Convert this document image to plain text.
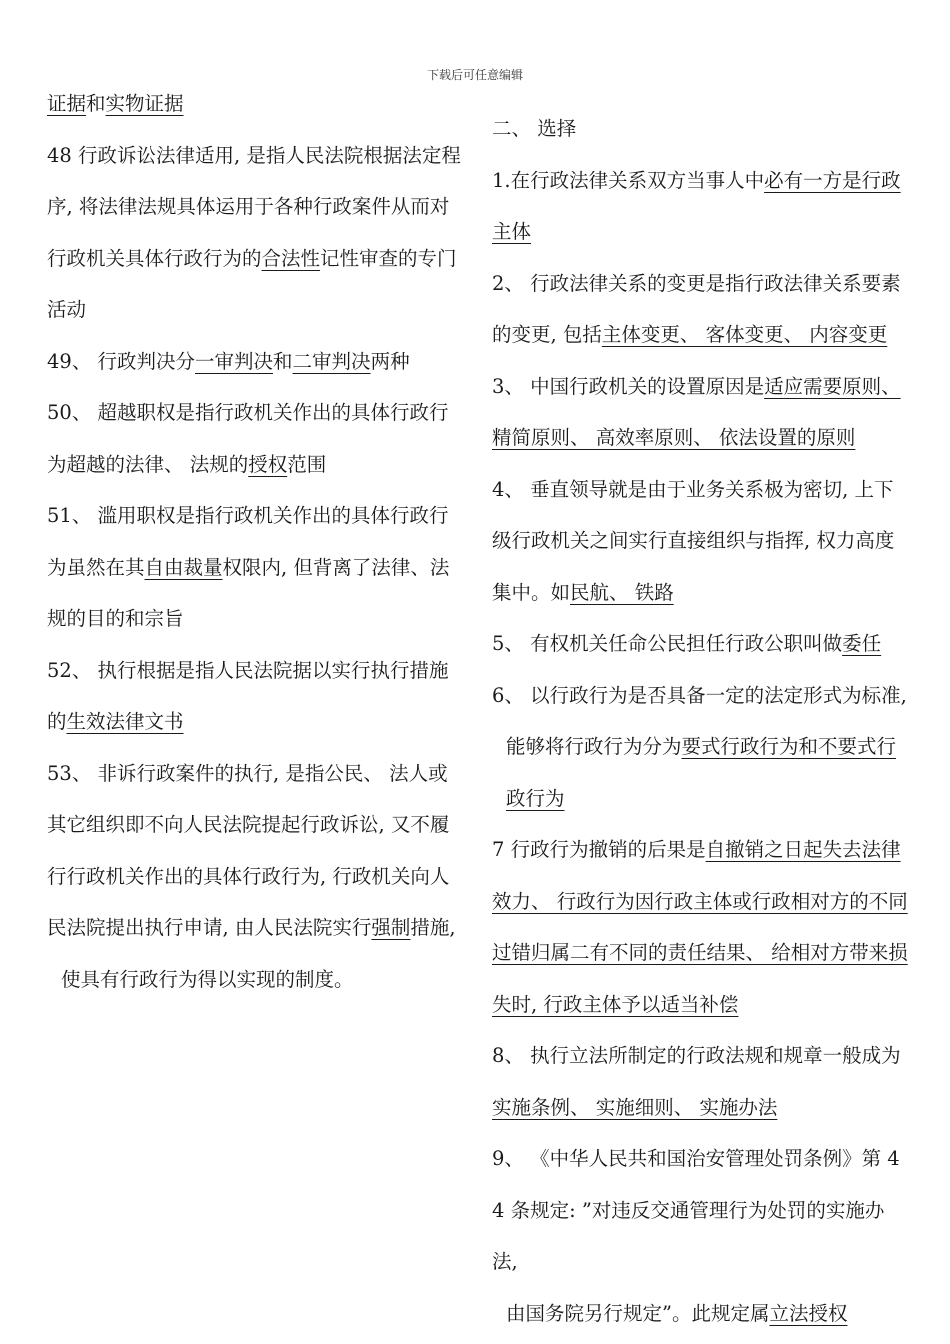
下载后可任意编辑

证据和实物证据

48 行政诉讼法律适用, 是指人民法院根据法定程序, 将法律法规具体运用于各种行政案件从而对行政机关具体行政行为的合法性记性审查的专门活动

49、 行政判决分一审判决和二审判决两种

50、 超越职权是指行政机关作出的具体行政行为超越的法律、 法规的授权范围

51、 滥用职权是指行政机关作出的具体行政行为虽然在其自由裁量权限内, 但背离了法律、法规的目的和宗旨

52、 执行根据是指人民法院据以实行执行措施的生效法律文书

53、 非诉行政案件的执行, 是指公民、 法人或其它组织即不向人民法院提起行政诉讼, 又不履行行政机关作出的具体行政行为, 行政机关向人民法院提出执行申请, 由人民法院实行强制措施,

使具有行政行为得以实现的制度。

二、 选择

1.在行政法律关系双方当事人中必有一方是行政主体

2、 行政法律关系的变更是指行政法律关系要素的变更, 包括主体变更、 客体变更、 内容变更

3、 中国行政机关的设置原因是适应需要原则、精简原则、 高效率原则、 依法设置的原则

4、 垂直领导就是由于业务关系极为密切, 上下级行政机关之间实行直接组织与指挥, 权力高度集中。如民航、 铁路

5、 有权机关任命公民担任行政公职叫做委任

6、 以行政行为是否具备一定的法定形式为标准,

能够将行政行为分为要式行政行为和不要式行政行为

7 行政行为撤销的后果是自撤销之日起失去法律效力、 行政行为因行政主体或行政相对方的不同过错归属二有不同的责任结果、 给相对方带来损失时, 行政主体予以适当补偿

8、 执行立法所制定的行政法规和规章一般成为实施条例、 实施细则、 实施办法

9、 《中华人民共和国治安管理处罚条例》第 44 条规定: ”对违反交通管理行为处罚的实施办法,

由国务院另行规定”。此规定属立法授权
